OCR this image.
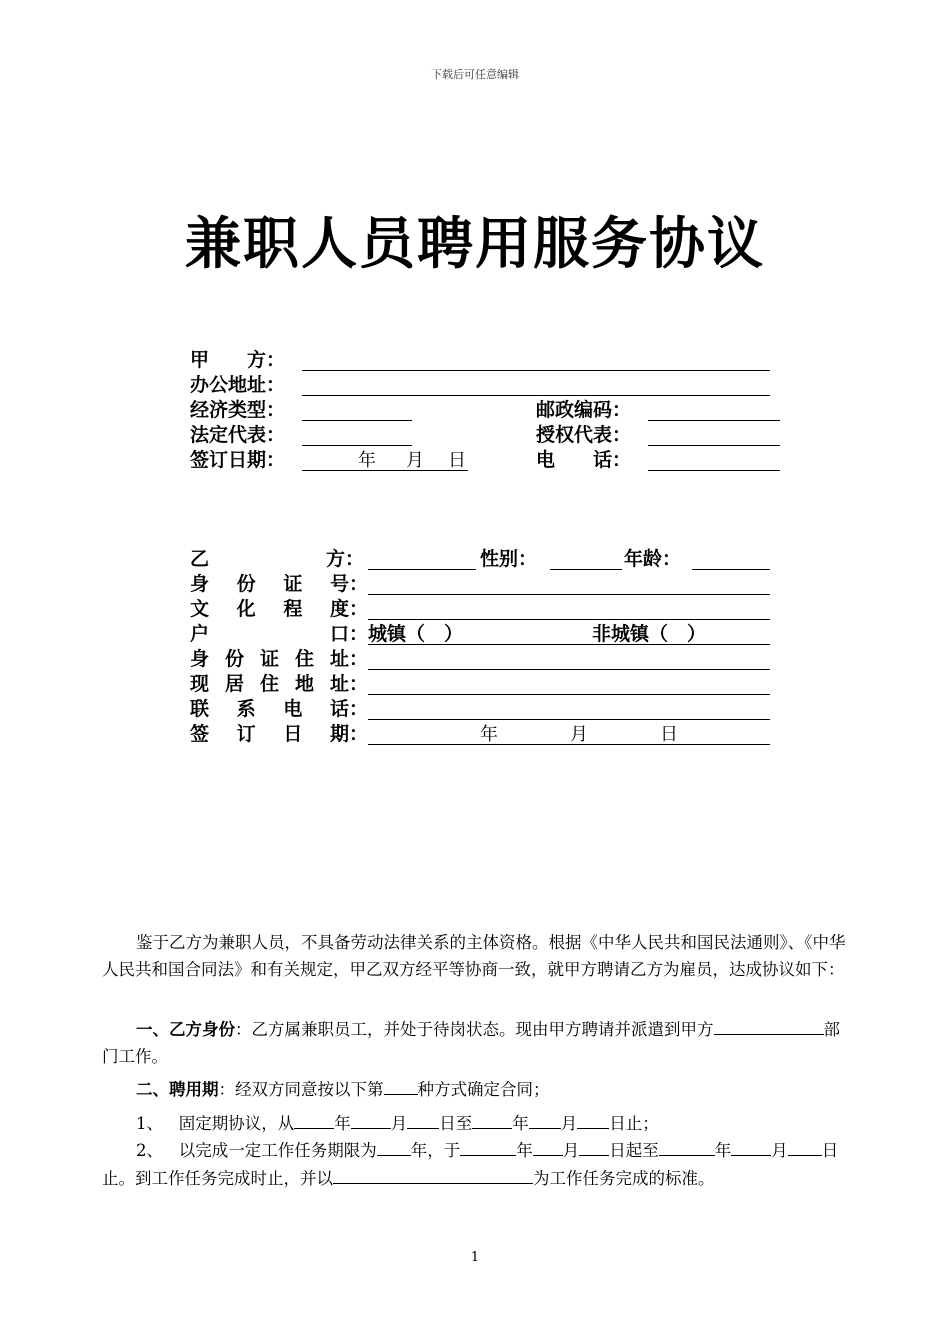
下载后可任意编辑
兼职人员聘用服务协议
甲　　方：
办公地址：
经济类型：	邮政编码：
法定代表：	授权代表：
签订日期：	年 月 日	电　　话：
乙	方：	性别：	年龄：
身 份 证 号：
文 化 程 度：
户	口： 城镇（　）	非城镇（　）
身 份 证 住 址：
现 居 住 地 址：
联 系 电 话：
签 订 日 期：	年	月	日
鉴于乙方为兼职人员，不具备劳动法律关系的主体资格。根据《中华人民共和国民法通则》、《中华人民共和国合同法》和有关规定，甲乙双方经平等协商一致，就甲方聘请乙方为雇员，达成协议如下：
一、乙方身份：乙方属兼职员工，并处于待岗状态。现由甲方聘请并派遣到甲方	部门工作。
二、聘用期：经双方同意按以下第 种方式确定合同；
1、 固定期协议，从 年 月 日至 年 月 日止；
2、 以完成一定工作任务期限为 年，于	年 月 日起至	年 月 日止。到工作任务完成时止，并以	为工作任务完成的标准。
1
